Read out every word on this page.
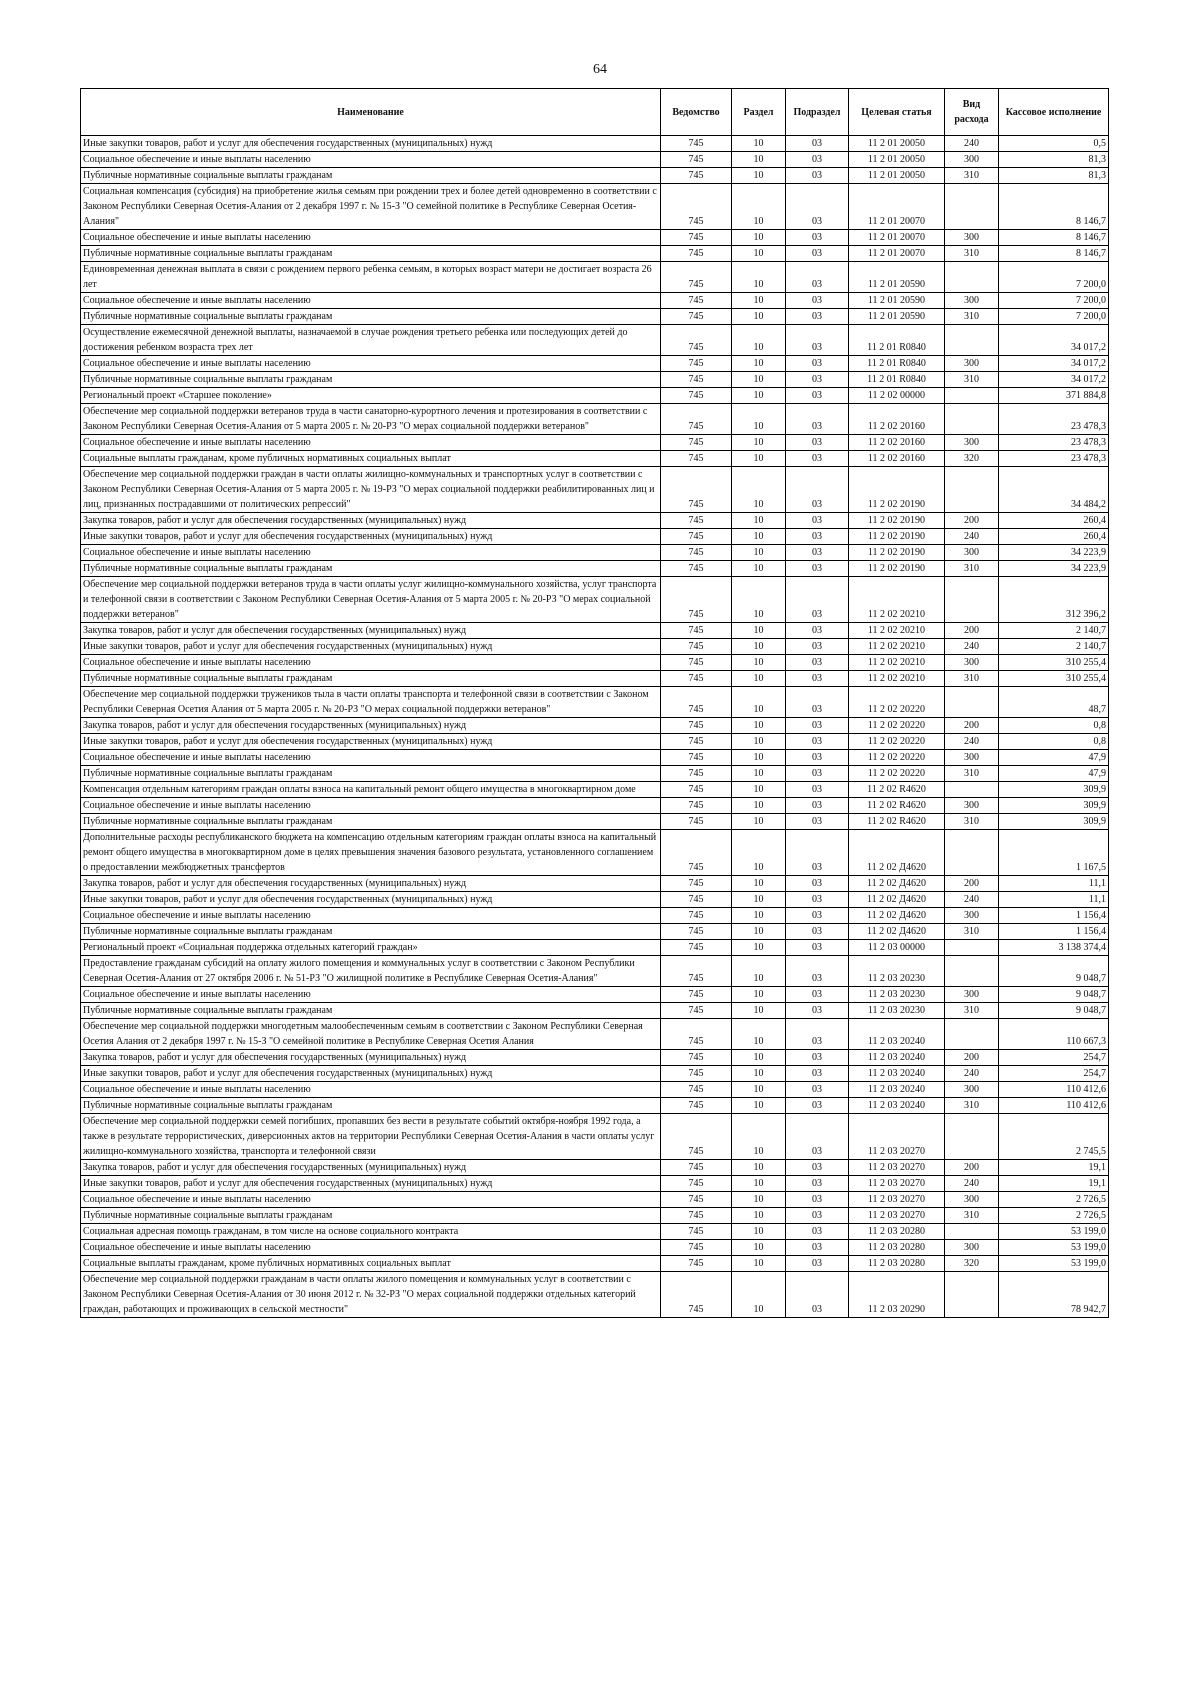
64
Наименование	Ведомство	Раздел	Подраздел	Целевая статья	Вид расхода	Кассовое исполнение
Иные закупки товаров, работ и услуг для обеспечения государственных (муниципальных) нужд	745	10	03	11 2 01 20050	240	0,5
Социальное обеспечение и иные выплаты населению	745	10	03	11 2 01 20050	300	81,3
Публичные нормативные социальные выплаты гражданам	745	10	03	11 2 01 20050	310	81,3
Социальная компенсация (субсидия) на приобретение жилья семьям при рождении трех и более детей одновременно в соответствии с Законом Республики Северная Осетия-Алания от 2 декабря 1997 г. № 15-З "О семейной политике в Республике Северная Осетия-Алания"	745	10	03	11 2 01 20070		8 146,7
Социальное обеспечение и иные выплаты населению	745	10	03	11 2 01 20070	300	8 146,7
Публичные нормативные социальные выплаты гражданам	745	10	03	11 2 01 20070	310	8 146,7
Единовременная денежная выплата в связи с рождением первого ребенка семьям, в которых возраст матери не достигает возраста 26 лет	745	10	03	11 2 01 20590		7 200,0
Социальное обеспечение и иные выплаты населению	745	10	03	11 2 01 20590	300	7 200,0
Публичные нормативные социальные выплаты гражданам	745	10	03	11 2 01 20590	310	7 200,0
Осуществление ежемесячной денежной выплаты, назначаемой в случае рождения третьего ребенка или последующих детей до достижения ребенком возраста трех лет	745	10	03	11 2 01 R0840		34 017,2
Социальное обеспечение и иные выплаты населению	745	10	03	11 2 01 R0840	300	34 017,2
Публичные нормативные социальные выплаты гражданам	745	10	03	11 2 01 R0840	310	34 017,2
Региональный проект «Старшее поколение»	745	10	03	11 2 02 00000		371 884,8
Обеспечение мер социальной поддержки ветеранов труда в части санаторно-курортного лечения и протезирования в соответствии с Законом Республики Северная Осетия-Алания от 5 марта 2005 г. № 20-РЗ "О мерах социальной поддержки ветеранов"	745	10	03	11 2 02 20160		23 478,3
Социальное обеспечение и иные выплаты населению	745	10	03	11 2 02 20160	300	23 478,3
Социальные выплаты гражданам, кроме публичных нормативных социальных выплат	745	10	03	11 2 02 20160	320	23 478,3
Обеспечение мер социальной поддержки граждан в части оплаты жилищно-коммунальных и транспортных услуг в соответствии с Законом Республики Северная Осетия-Алания от 5 марта 2005 г. № 19-РЗ "О мерах социальной поддержки реабилитированных лиц и лиц, признанных пострадавшими от политических репрессий"	745	10	03	11 2 02 20190		34 484,2
Закупка товаров, работ и услуг для обеспечения государственных (муниципальных) нужд	745	10	03	11 2 02 20190	200	260,4
Иные закупки товаров, работ и услуг для обеспечения государственных (муниципальных) нужд	745	10	03	11 2 02 20190	240	260,4
Социальное обеспечение и иные выплаты населению	745	10	03	11 2 02 20190	300	34 223,9
Публичные нормативные социальные выплаты гражданам	745	10	03	11 2 02 20190	310	34 223,9
Обеспечение мер социальной поддержки ветеранов труда в части оплаты услуг жилищно-коммунального хозяйства, услуг транспорта и телефонной связи в соответствии с Законом Республики Северная Осетия-Алания от 5 марта 2005 г. № 20-РЗ "О мерах социальной поддержки ветеранов"	745	10	03	11 2 02 20210		312 396,2
Закупка товаров, работ и услуг для обеспечения государственных (муниципальных) нужд	745	10	03	11 2 02 20210	200	2 140,7
Иные закупки товаров, работ и услуг для обеспечения государственных (муниципальных) нужд	745	10	03	11 2 02 20210	240	2 140,7
Социальное обеспечение и иные выплаты населению	745	10	03	11 2 02 20210	300	310 255,4
Публичные нормативные социальные выплаты гражданам	745	10	03	11 2 02 20210	310	310 255,4
Обеспечение мер социальной поддержки тружеников тыла в части оплаты транспорта и телефонной связи в соответствии с Законом Республики Северная Осетия Алания от 5 марта 2005 г. № 20-РЗ "О мерах социальной поддержки ветеранов"	745	10	03	11 2 02 20220		48,7
Закупка товаров, работ и услуг для обеспечения государственных (муниципальных) нужд	745	10	03	11 2 02 20220	200	0,8
Иные закупки товаров, работ и услуг для обеспечения государственных (муниципальных) нужд	745	10	03	11 2 02 20220	240	0,8
Социальное обеспечение и иные выплаты населению	745	10	03	11 2 02 20220	300	47,9
Публичные нормативные социальные выплаты гражданам	745	10	03	11 2 02 20220	310	47,9
Компенсация отдельным категориям граждан оплаты взноса на капитальный ремонт общего имущества в многоквартирном доме	745	10	03	11 2 02 R4620		309,9
Социальное обеспечение и иные выплаты населению	745	10	03	11 2 02 R4620	300	309,9
Публичные нормативные социальные выплаты гражданам	745	10	03	11 2 02 R4620	310	309,9
Дополнительные расходы республиканского бюджета на компенсацию отдельным категориям граждан оплаты взноса на капитальный ремонт общего имущества в многоквартирном доме в целях превышения значения базового результата, установленного соглашением о предоставлении межбюджетных трансфертов	745	10	03	11 2 02 Д4620		1 167,5
Закупка товаров, работ и услуг для обеспечения государственных (муниципальных) нужд	745	10	03	11 2 02 Д4620	200	11,1
Иные закупки товаров, работ и услуг для обеспечения государственных (муниципальных) нужд	745	10	03	11 2 02 Д4620	240	11,1
Социальное обеспечение и иные выплаты населению	745	10	03	11 2 02 Д4620	300	1 156,4
Публичные нормативные социальные выплаты гражданам	745	10	03	11 2 02 Д4620	310	1 156,4
Региональный проект «Социальная поддержка отдельных категорий граждан»	745	10	03	11 2 03 00000		3 138 374,4
Предоставление гражданам субсидий на оплату жилого помещения и коммунальных услуг в соответствии с Законом Республики Северная Осетия-Алания от 27 октября 2006 г. № 51-РЗ "О жилищной политике в Республике Северная Осетия-Алания"	745	10	03	11 2 03 20230		9 048,7
Социальное обеспечение и иные выплаты населению	745	10	03	11 2 03 20230	300	9 048,7
Публичные нормативные социальные выплаты гражданам	745	10	03	11 2 03 20230	310	9 048,7
Обеспечение мер социальной поддержки многодетным малообеспеченным семьям в соответствии с Законом Республики Северная Осетия Алания от 2 декабря 1997 г. № 15-З "О семейной политике в Республике Северная Осетия Алания	745	10	03	11 2 03 20240		110 667,3
Закупка товаров, работ и услуг для обеспечения государственных (муниципальных) нужд	745	10	03	11 2 03 20240	200	254,7
Иные закупки товаров, работ и услуг для обеспечения государственных (муниципальных) нужд	745	10	03	11 2 03 20240	240	254,7
Социальное обеспечение и иные выплаты населению	745	10	03	11 2 03 20240	300	110 412,6
Публичные нормативные социальные выплаты гражданам	745	10	03	11 2 03 20240	310	110 412,6
Обеспечение мер социальной поддержки семей погибших, пропавших без вести в результате событий октября-ноября 1992 года, а также в результате террористических, диверсионных актов на территории Республики Северная Осетия-Алания в части оплаты услуг жилищно-коммунального хозяйства, транспорта и телефонной связи	745	10	03	11 2 03 20270		2 745,5
Закупка товаров, работ и услуг для обеспечения государственных (муниципальных) нужд	745	10	03	11 2 03 20270	200	19,1
Иные закупки товаров, работ и услуг для обеспечения государственных (муниципальных) нужд	745	10	03	11 2 03 20270	240	19,1
Социальное обеспечение и иные выплаты населению	745	10	03	11 2 03 20270	300	2 726,5
Публичные нормативные социальные выплаты гражданам	745	10	03	11 2 03 20270	310	2 726,5
Социальная адресная помощь гражданам, в том числе на основе социального контракта	745	10	03	11 2 03 20280		53 199,0
Социальное обеспечение и иные выплаты населению	745	10	03	11 2 03 20280	300	53 199,0
Социальные выплаты гражданам, кроме публичных нормативных социальных выплат	745	10	03	11 2 03 20280	320	53 199,0
Обеспечение мер социальной поддержки гражданам в части оплаты жилого помещения и коммунальных услуг в соответствии с Законом Республики Северная Осетия-Алания от 30 июня 2012 г. № 32-РЗ "О мерах социальной поддержки отдельных категорий граждан, работающих и проживающих в сельской местности"	745	10	03	11 2 03 20290		78 942,7
